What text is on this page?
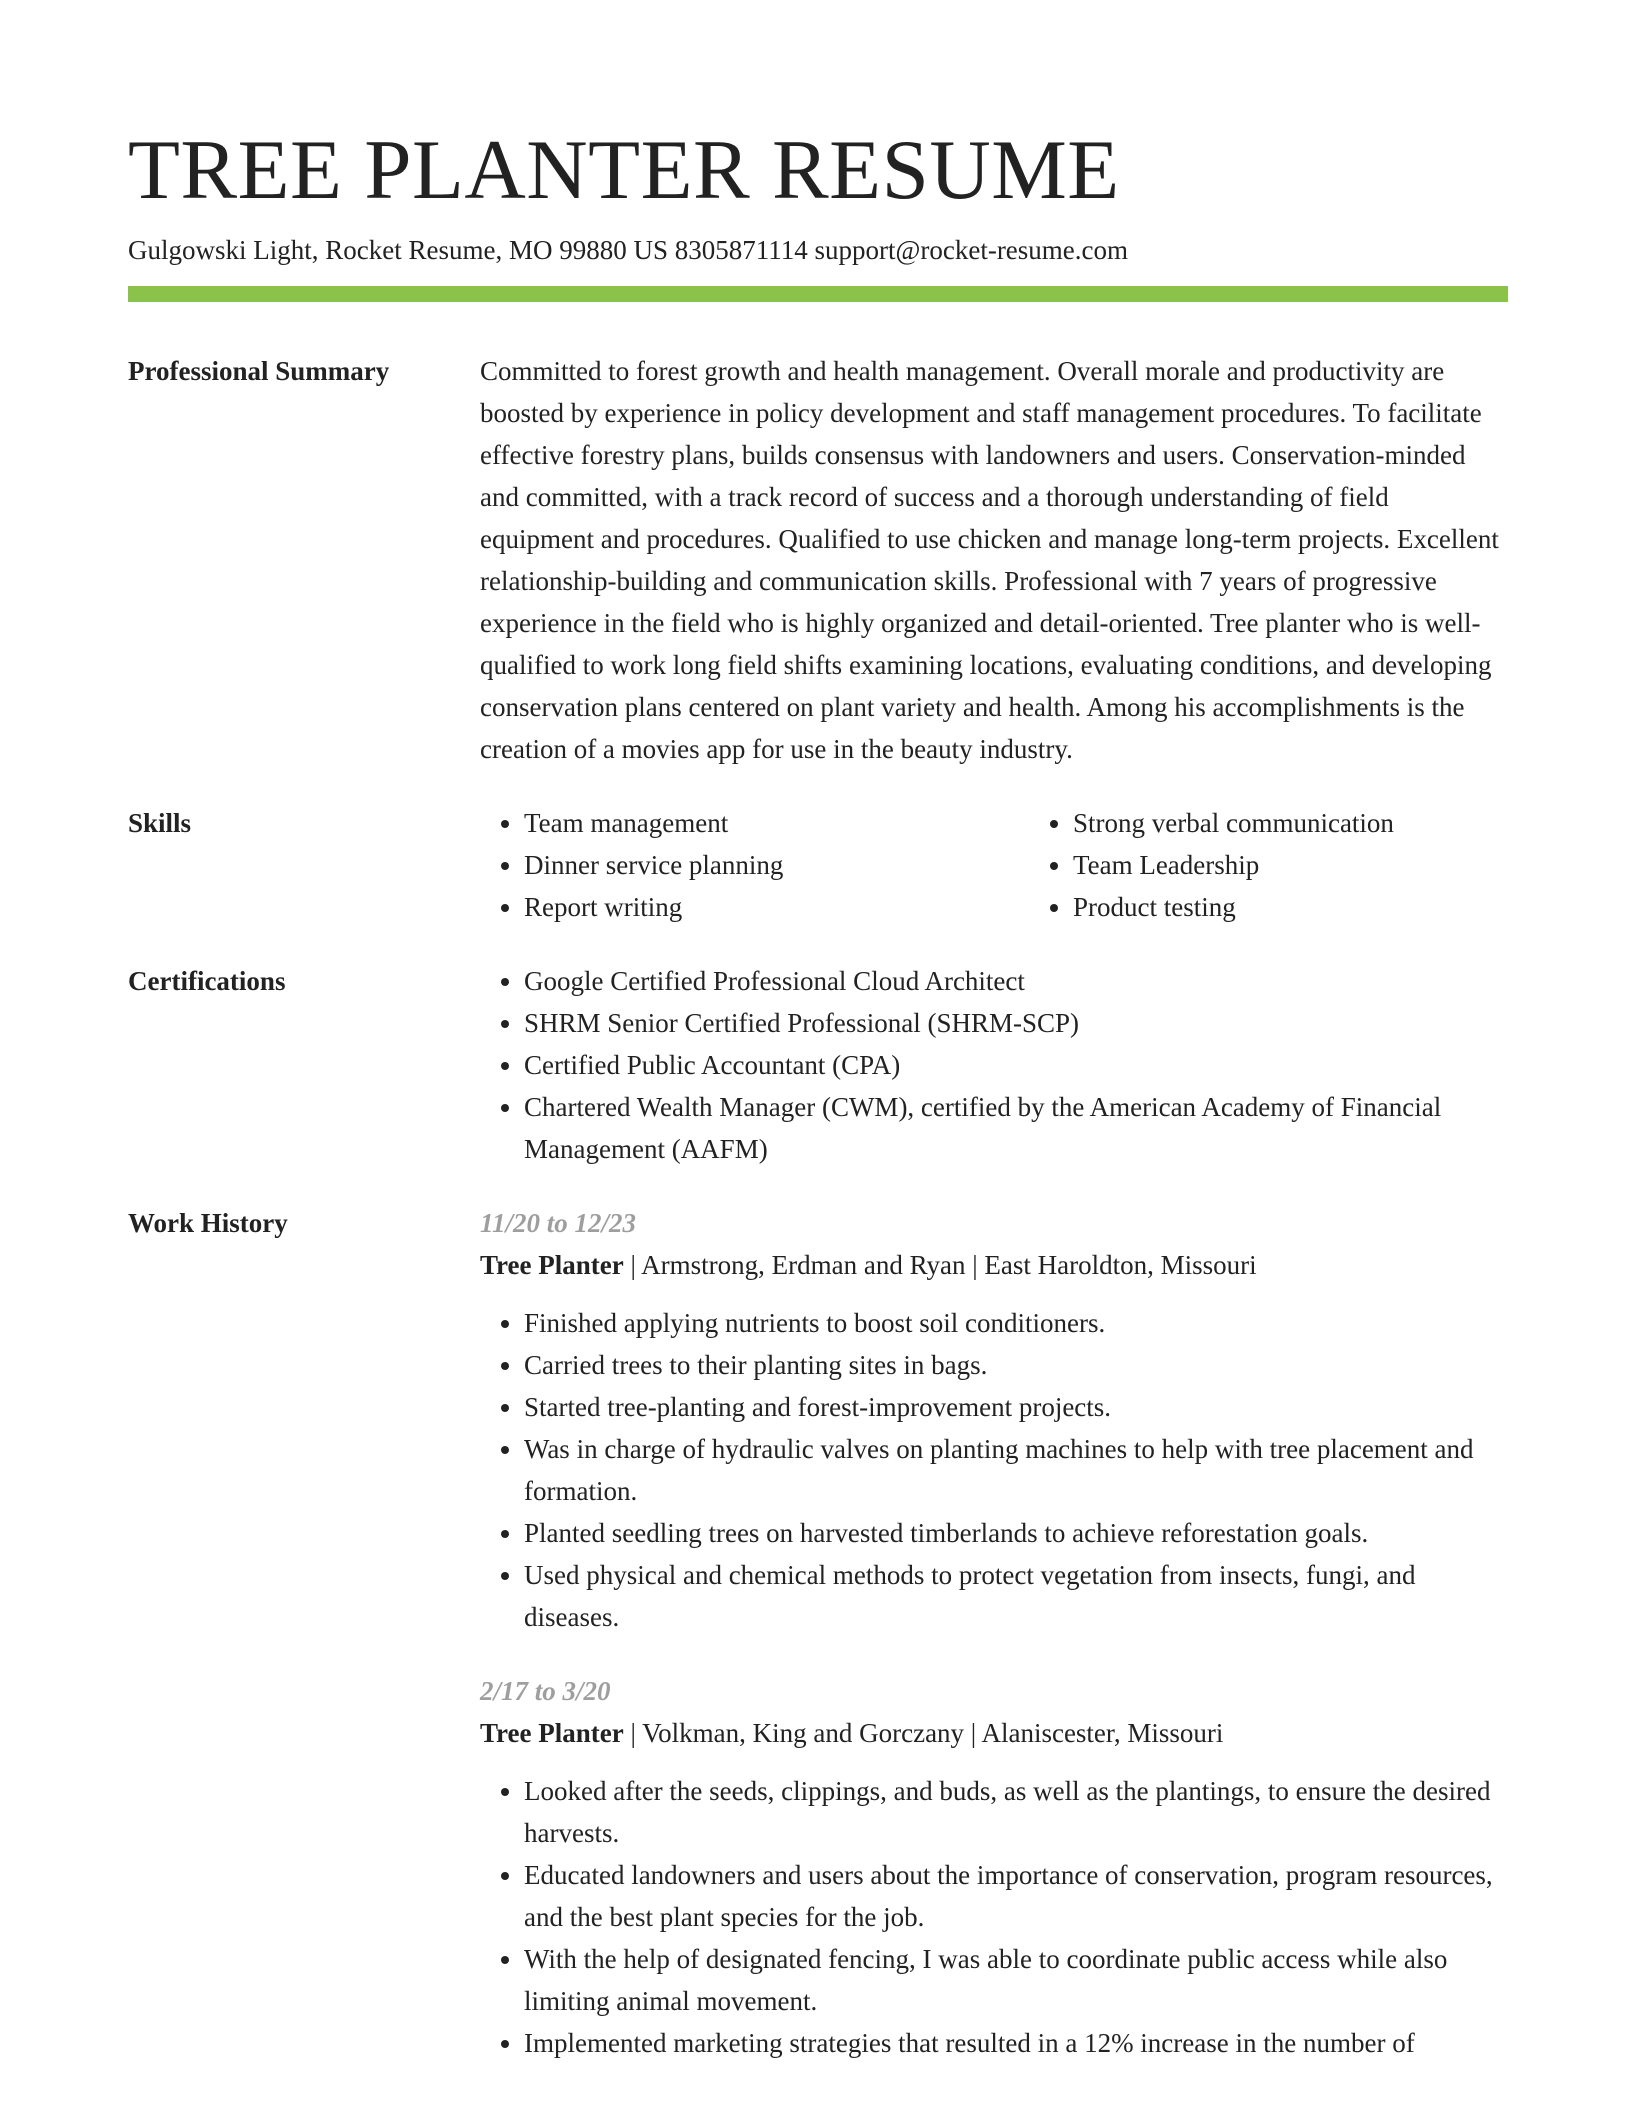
TREE PLANTER RESUME
Gulgowski Light, Rocket Resume, MO 99880 US 8305871114 support@rocket-resume.com
Professional Summary	Committed to forest growth and health management. Overall morale and productivity are boosted by experience in policy development and staff management procedures. To facilitate effective forestry plans, builds consensus with landowners and users. Conservation-minded and committed, with a track record of success and a thorough understanding of field equipment and procedures. Qualified to use chicken and manage long-term projects. Excellent relationship-building and communication skills. Professional with 7 years of progressive experience in the field who is highly organized and detail-oriented. Tree planter who is well-qualified to work long field shifts examining locations, evaluating conditions, and developing conservation plans centered on plant variety and health. Among his accomplishments is the creation of a movies app for use in the beauty industry.

Skills	• Team management
• Dinner service planning
• Report writing
• Strong verbal communication
• Team Leadership
• Product testing
Certifications	• Google Certified Professional Cloud Architect
• SHRM Senior Certified Professional (SHRM-SCP)
• Certified Public Accountant (CPA)
• Chartered Wealth Manager (CWM), certified by the American Academy of Financial Management (AAFM)
Work History	11/20 to 12/23
Tree Planter | Armstrong, Erdman and Ryan | East Haroldton, Missouri
• Finished applying nutrients to boost soil conditioners.
• Carried trees to their planting sites in bags.
• Started tree-planting and forest-improvement projects.
• Was in charge of hydraulic valves on planting machines to help with tree placement and formation.
• Planted seedling trees on harvested timberlands to achieve reforestation goals.
• Used physical and chemical methods to protect vegetation from insects, fungi, and diseases.
2/17 to 3/20
Tree Planter | Volkman, King and Gorczany | Alaniscester, Missouri
• Looked after the seeds, clippings, and buds, as well as the plantings, to ensure the desired harvests.
• Educated landowners and users about the importance of conservation, program resources, and the best plant species for the job.
• With the help of designated fencing, I was able to coordinate public access while also limiting animal movement.
• Implemented marketing strategies that resulted in a 12% increase in the number of
